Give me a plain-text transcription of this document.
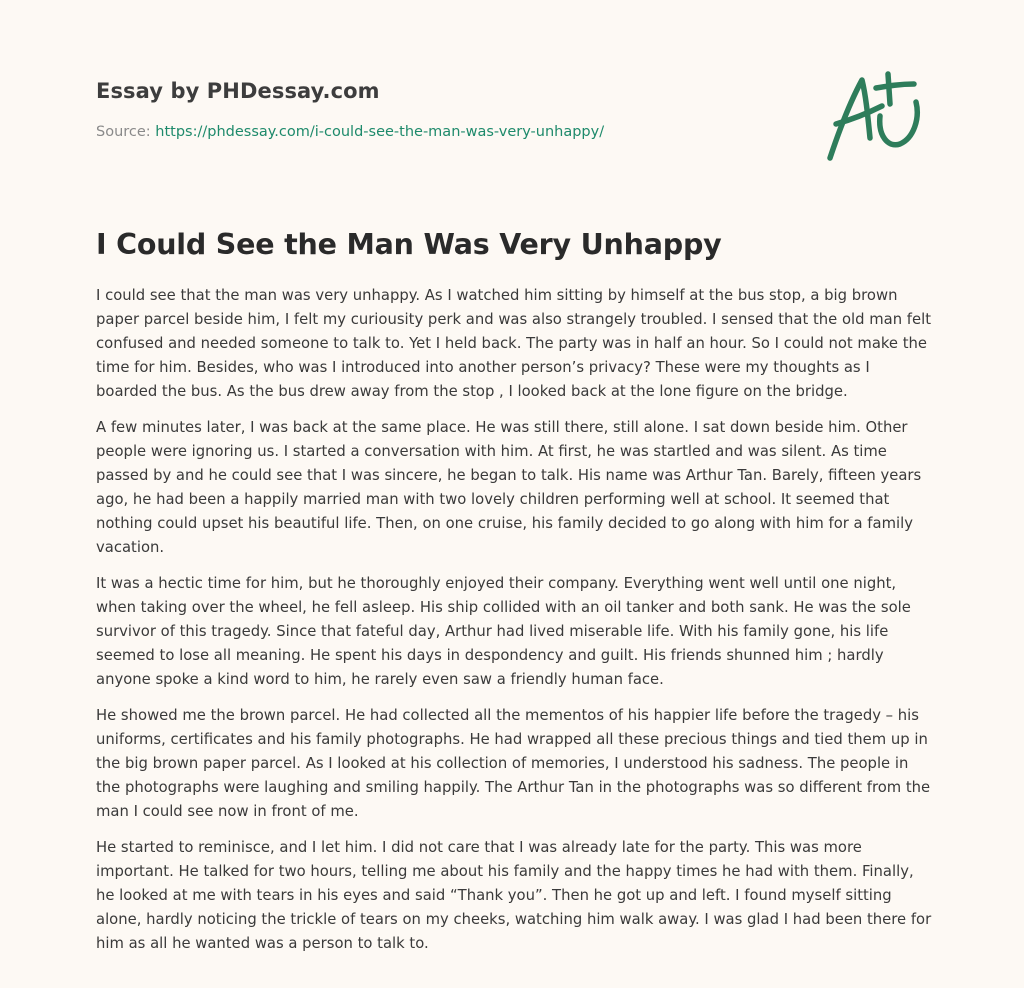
Essay by PHDessay.com
Source: https://phdessay.com/i-could-see-the-man-was-very-unhappy/
I Could See the Man Was Very Unhappy

I could see that the man was very unhappy. As I watched him sitting by himself at the bus stop, a big brown paper parcel beside him, I felt my curiousity perk and was also strangely troubled. I sensed that the old man felt confused and needed someone to talk to. Yet I held back. The party was in half an hour. So I could not make the time for him. Besides, who was I introduced into another person’s privacy? These were my thoughts as I boarded the bus. As the bus drew away from the stop , I looked back at the lone figure on the bridge.

A few minutes later, I was back at the same place. He was still there, still alone. I sat down beside him. Other people were ignoring us. I started a conversation with him. At first, he was startled and was silent. As time passed by and he could see that I was sincere, he began to talk. His name was Arthur Tan. Barely, fifteen years ago, he had been a happily married man with two lovely children performing well at school. It seemed that nothing could upset his beautiful life. Then, on one cruise, his family decided to go along with him for a family vacation.

It was a hectic time for him, but he thoroughly enjoyed their company. Everything went well until one night, when taking over the wheel, he fell asleep. His ship collided with an oil tanker and both sank. He was the sole survivor of this tragedy. Since that fateful day, Arthur had lived miserable life. With his family gone, his life seemed to lose all meaning. He spent his days in despondency and guilt. His friends shunned him ; hardly anyone spoke a kind word to him, he rarely even saw a friendly human face.

He showed me the brown parcel. He had collected all the mementos of his happier life before the tragedy – his uniforms, certificates and his family photographs. He had wrapped all these precious things and tied them up in the big brown paper parcel. As I looked at his collection of memories, I understood his sadness. The people in the photographs were laughing and smiling happily. The Arthur Tan in the photographs was so different from the man I could see now in front of me.

He started to reminisce, and I let him. I did not care that I was already late for the party. This was more important. He talked for two hours, telling me about his family and the happy times he had with them. Finally, he looked at me with tears in his eyes and said “Thank you”. Then he got up and left. I found myself sitting alone, hardly noticing the trickle of tears on my cheeks, watching him walk away. I was glad I had been there for him as all he wanted was a person to talk to.
